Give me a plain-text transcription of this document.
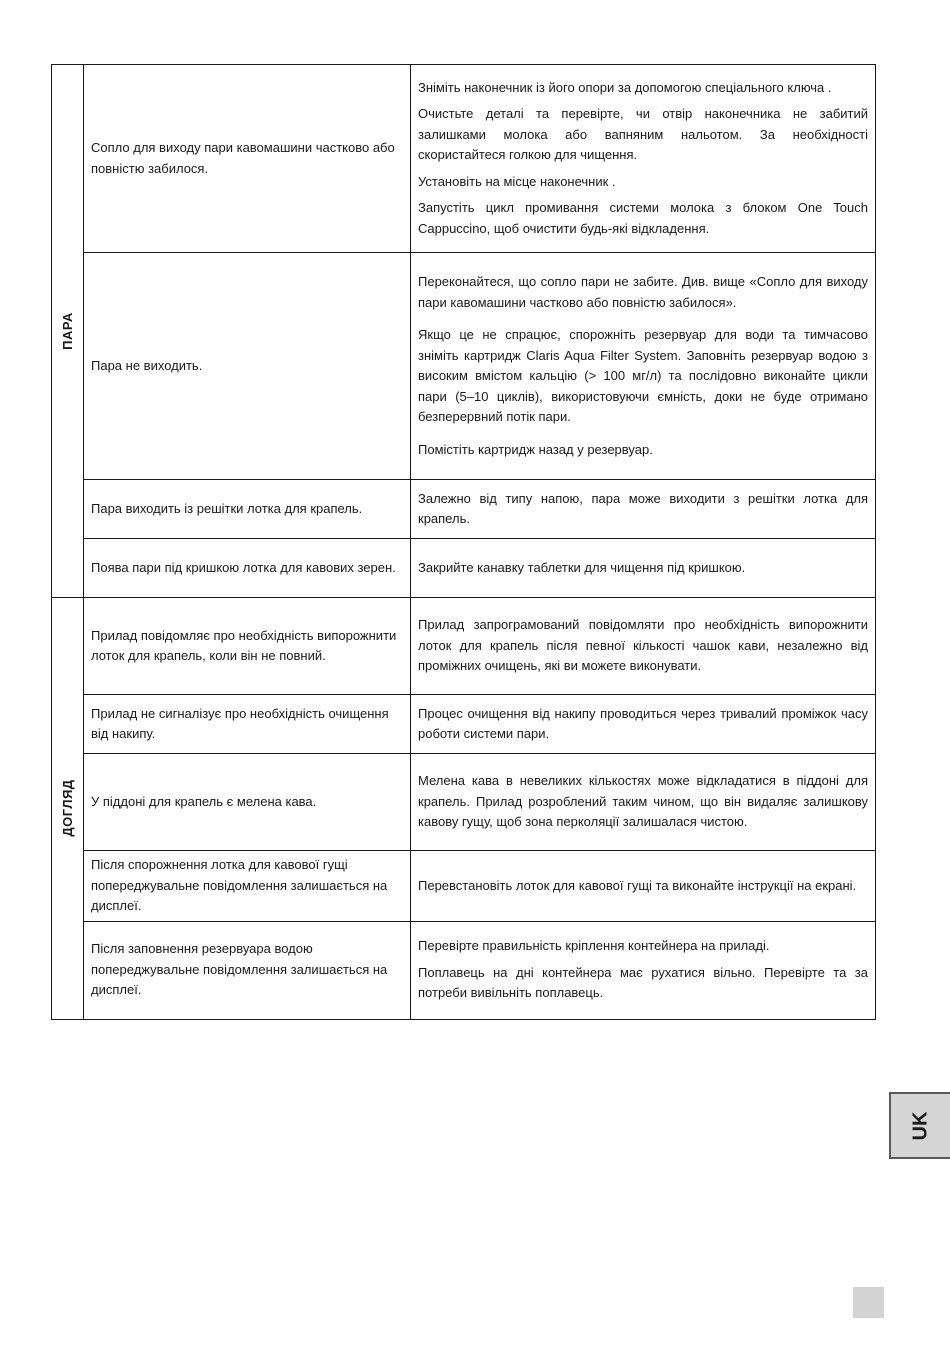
ПАРА	Сопло для виходу пари кавомашини частково або повністю забилося.	Зніміть наконечник із його опори за допомогою спеціального ключа .

Очистьте деталі та перевірте, чи отвір наконечника не забитий залишками молока або вапняним нальотом. За необхідності скористайтеся голкою для чищення.

Установіть на місце наконечник .

Запустіть цикл промивання системи молока з блоком One Touch Cappuccino, щоб очистити будь-які відкладення.

	Пара не виходить.	Переконайтеся, що сопло пари не забите. Див. вище «Сопло для виходу пари кавомашини частково або повністю забилося».

Якщо це не спрацює, спорожніть резервуар для води та тимчасово зніміть картридж Claris Aqua Filter System. Заповніть резервуар водою з високим вмістом кальцію (> 100 мг/л) та послідовно виконайте цикли пари (5–10 циклів), використовуючи ємність, доки не буде отримано безперервний потік пари.

Помістіть картридж назад у резервуар.

	Пара виходить із решітки лотка для крапель.	Залежно від типу напою, пара може виходити з решітки лотка для крапель.

	Поява пари під кришкою лотка для кавових зерен.	Закрийте канавку таблетки для чищення під кришкою.

ДОГЛЯД	Прилад повідомляє про необхідність випорожнити лоток для крапель, коли він не повний.	Прилад запрограмований повідомляти про необхідність випорожнити лоток для крапель після певної кількості чашок кави, незалежно від проміжних очищень, які ви можете виконувати.

	Прилад не сигналізує про необхідність очищення від накипу.	Процес очищення від накипу проводиться через тривалий проміжок часу роботи системи пари.

	У піддоні для крапель є мелена кава.	Мелена кава в невеликих кількостях може відкладатися в піддоні для крапель. Прилад розроблений таким чином, що він видаляє залишкову кавову гущу, щоб зона перколяції залишалася чистою.

	Після спорожнення лотка для кавової гущі попереджувальне повідомлення залишається на дисплеї.	Перевстановіть лоток для кавової гущі та виконайте інструкції на екрані.

	Після заповнення резервуара водою попереджувальне повідомлення залишається на дисплеї.	Перевірте правильність кріплення контейнера на приладі.

Поплавець на дні контейнера має рухатися вільно. Перевірте та за потреби вивільніть поплавець.

UK
